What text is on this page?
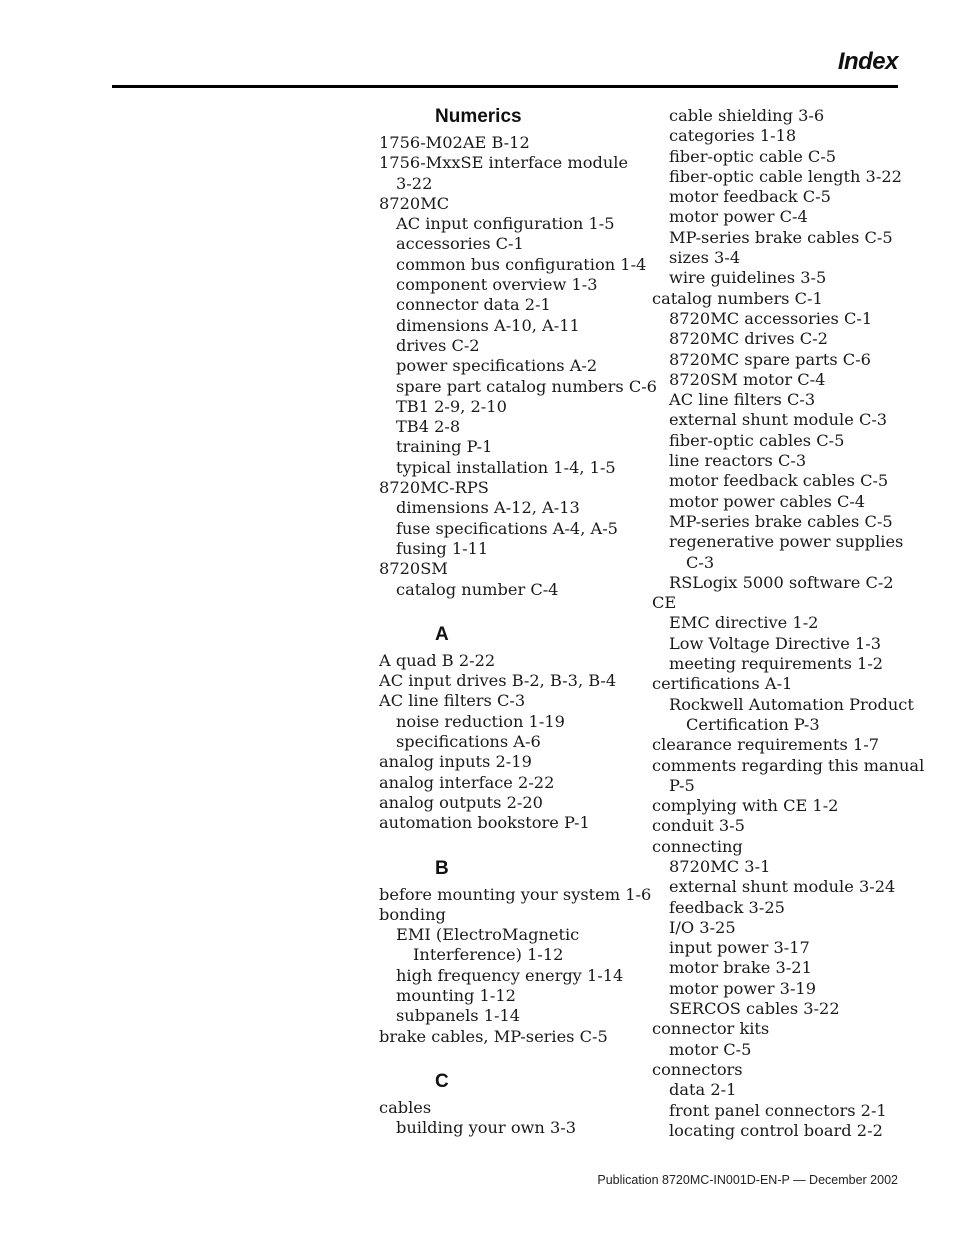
Index
Numerics
1756-M02AE B-12
1756-MxxSE interface module
3-22
8720MC
AC input configuration 1-5
accessories C-1
common bus configuration 1-4
component overview 1-3
connector data 2-1
dimensions A-10, A-11
drives C-2
power specifications A-2
spare part catalog numbers C-6
TB1 2-9, 2-10
TB4 2-8
training P-1
typical installation 1-4, 1-5
8720MC-RPS
dimensions A-12, A-13
fuse specifications A-4, A-5
fusing 1-11
8720SM
catalog number C-4
A
A quad B 2-22
AC input drives B-2, B-3, B-4
AC line filters C-3
noise reduction 1-19
specifications A-6
analog inputs 2-19
analog interface 2-22
analog outputs 2-20
automation bookstore P-1
B
before mounting your system 1-6
bonding
EMI (ElectroMagnetic
Interference) 1-12
high frequency energy 1-14
mounting 1-12
subpanels 1-14
brake cables, MP-series C-5
C
cables
building your own 3-3
cable shielding 3-6
categories 1-18
fiber-optic cable C-5
fiber-optic cable length 3-22
motor feedback C-5
motor power C-4
MP-series brake cables C-5
sizes 3-4
wire guidelines 3-5
catalog numbers C-1
8720MC accessories C-1
8720MC drives C-2
8720MC spare parts C-6
8720SM motor C-4
AC line filters C-3
external shunt module C-3
fiber-optic cables C-5
line reactors C-3
motor feedback cables C-5
motor power cables C-4
MP-series brake cables C-5
regenerative power supplies
C-3
RSLogix 5000 software C-2
CE
EMC directive 1-2
Low Voltage Directive 1-3
meeting requirements 1-2
certifications A-1
Rockwell Automation Product
Certification P-3
clearance requirements 1-7
comments regarding this manual
P-5
complying with CE 1-2
conduit 3-5
connecting
8720MC 3-1
external shunt module 3-24
feedback 3-25
I/O 3-25
input power 3-17
motor brake 3-21
motor power 3-19
SERCOS cables 3-22
connector kits
motor C-5
connectors
data 2-1
front panel connectors 2-1
locating control board 2-2
Publication 8720MC-IN001D-EN-P — December 2002
